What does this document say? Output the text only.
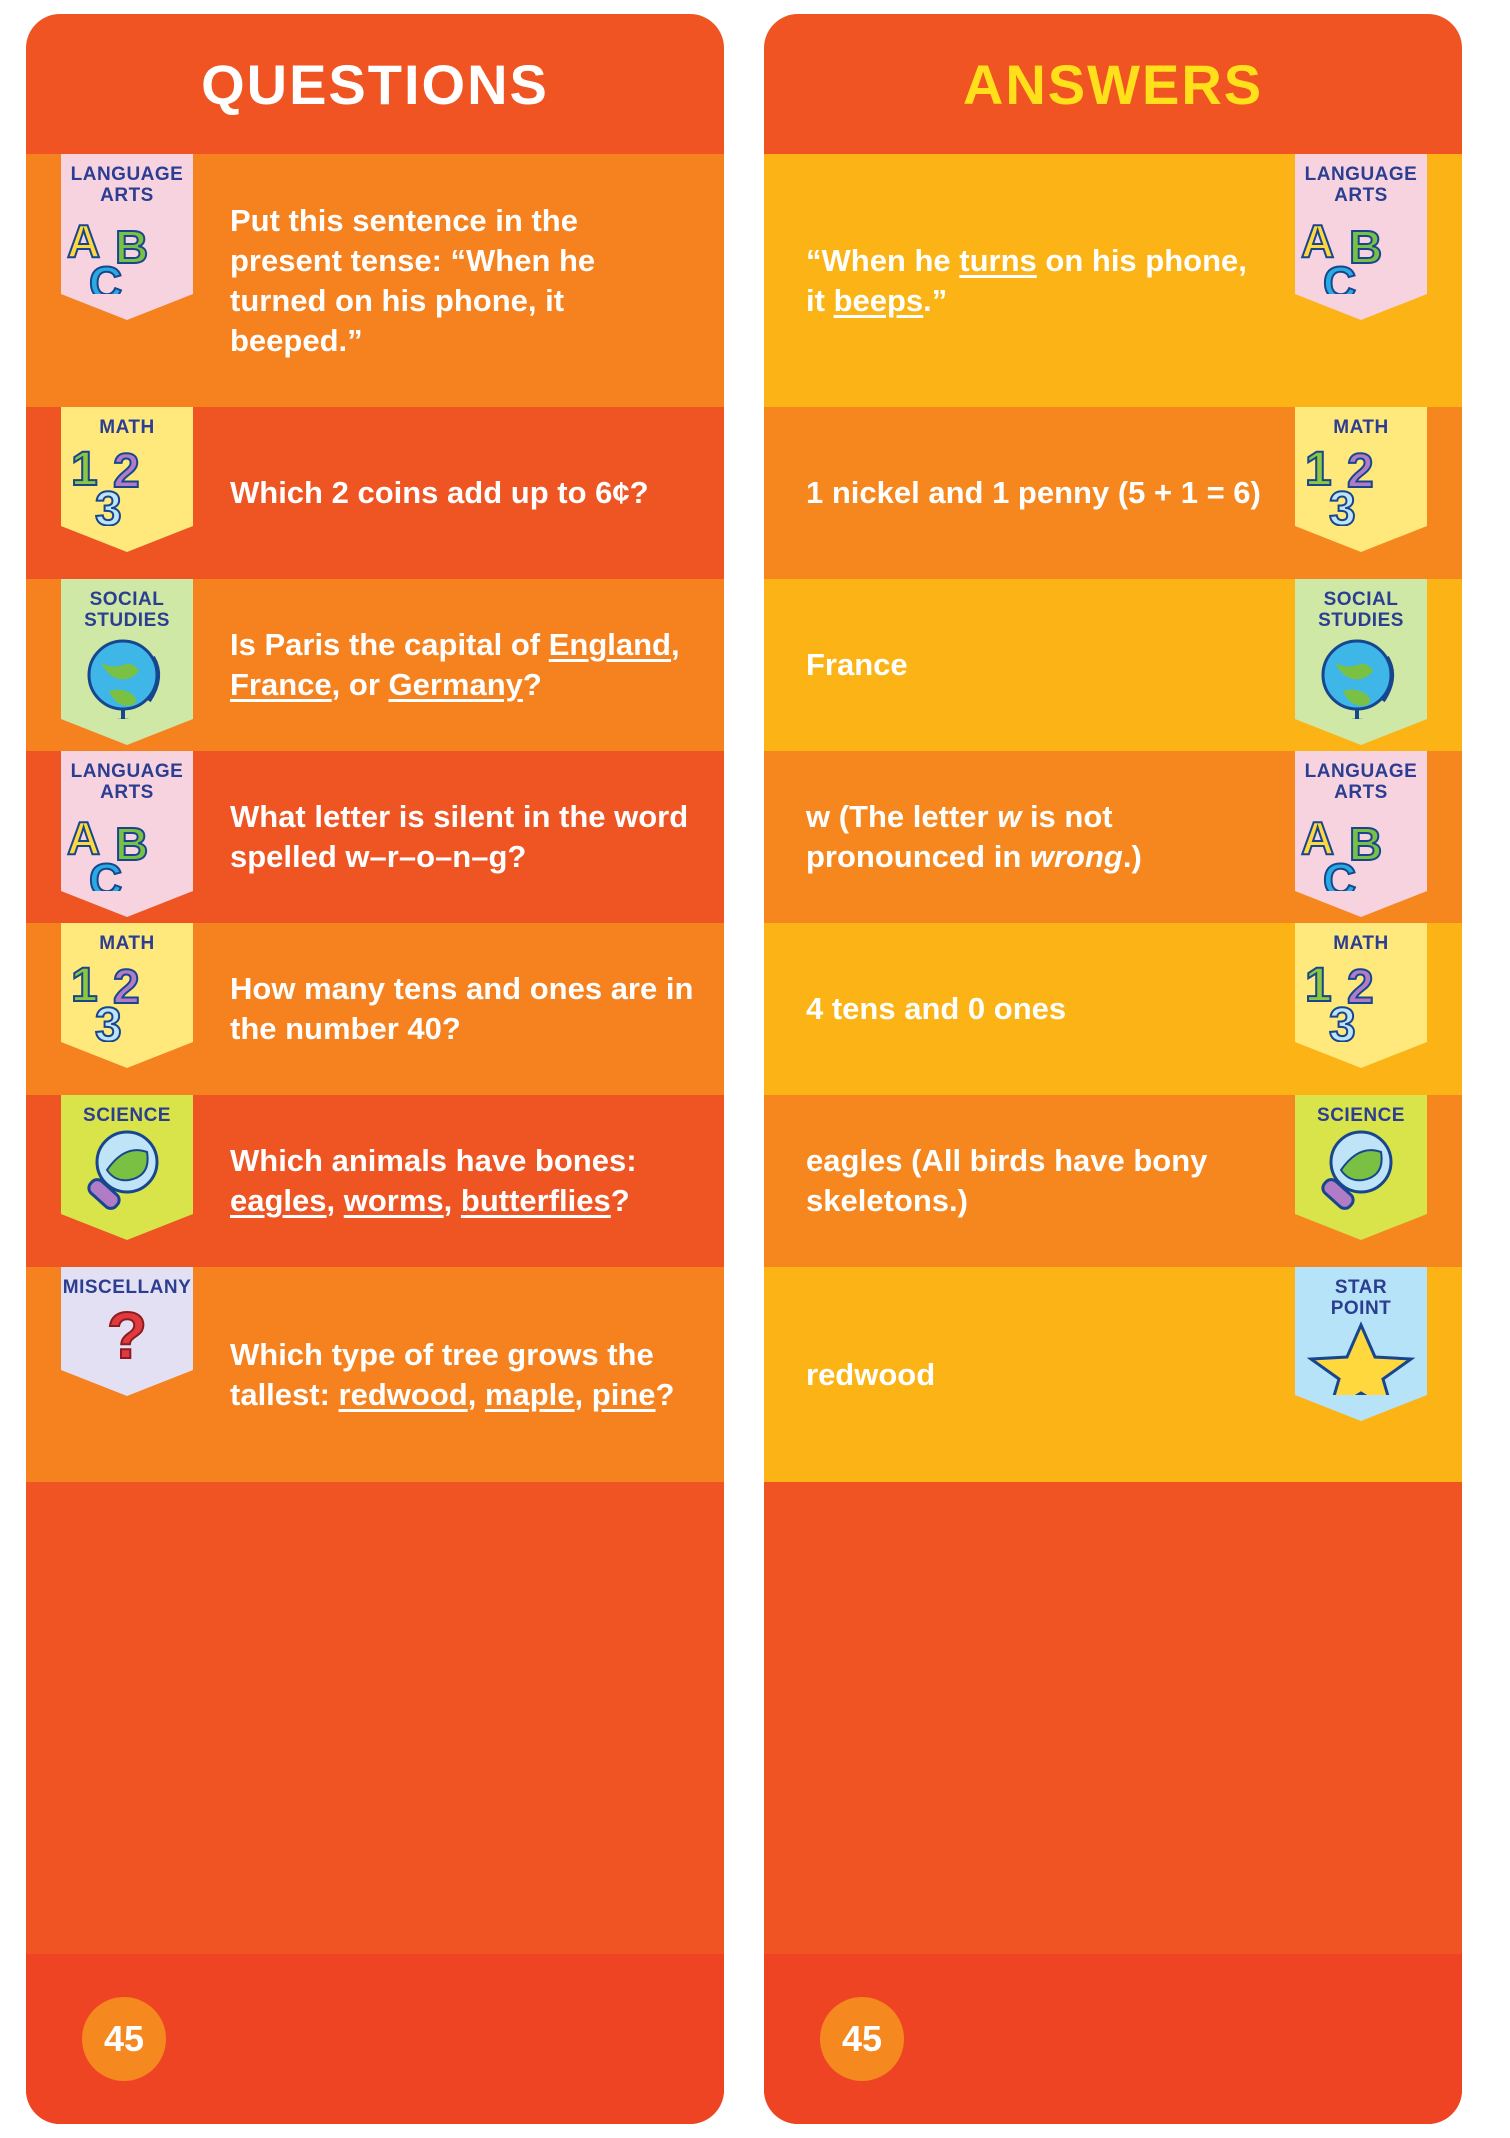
QUESTIONS
LANGUAGE
ARTS
A B
C
Put this sentence in the present tense: “When he turned on his phone, it beeped.”
MATH
1 2
3	Which 2 coins add up to 6¢?
SOCIAL
STUDIES
Is Paris the capital of England, France, or Germany?
LANGUAGE
ARTS
A B
C
What letter is silent in the word spelled w–r–o–n–g?
MATH
1 2
3
How many tens and ones are in the number 40?
SCIENCE
Which animals have bones: eagles, worms, butterflies?
MISCELLANY
?	Which type of tree grows the tallest: redwood, maple, pine?
45
ANSWERS
LANGUAGE
ARTS
A B
C
“When he turns on his phone, it beeps.”
MATH
1 2
3
1 nickel and 1 penny (5 + 1 = 6)
SOCIAL
STUDIES
France
LANGUAGE
ARTS
A B
C
w (The letter w is not pronounced in wrong.)
MATH
1 2
3
4 tens and 0 ones
SCIENCE
eagles (All birds have bony skeletons.)
STAR
POINT
redwood
45
